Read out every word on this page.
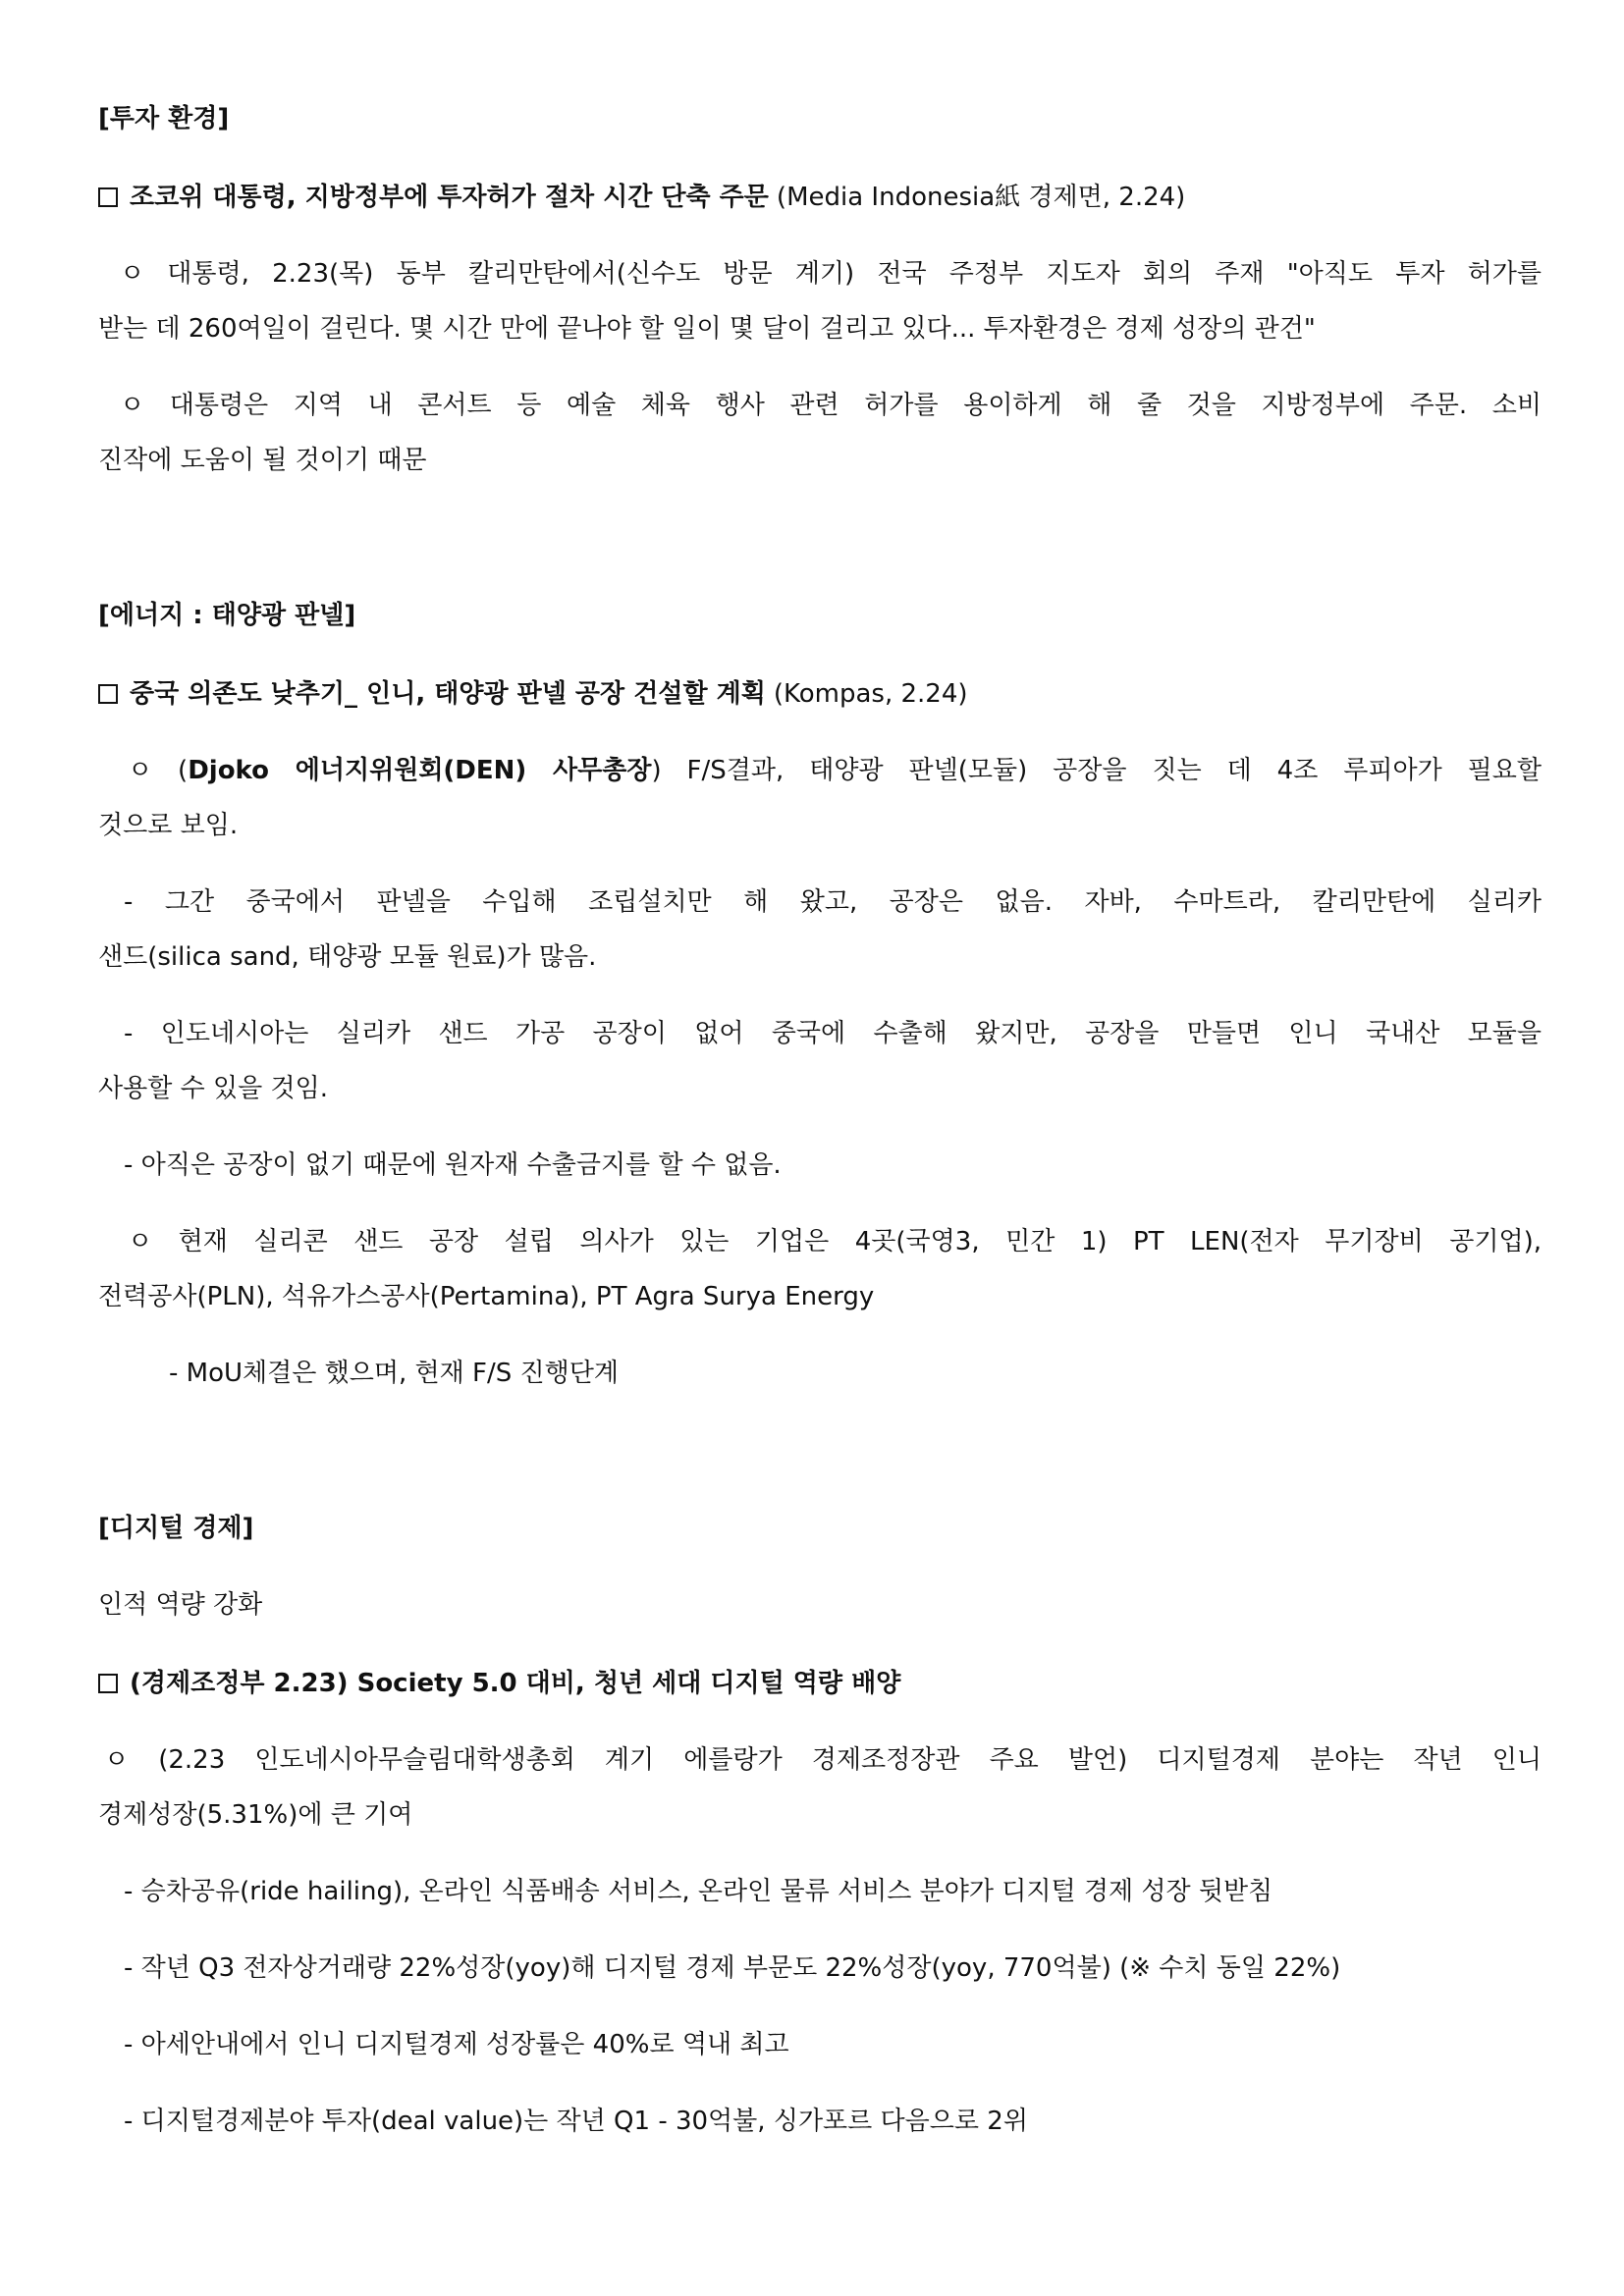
[투자 환경]
조코위 대통령, 지방정부에 투자허가 절차 시간 단축 주문 (Media Indonesia紙 경제면, 2.24)
ㅇ 대통령, 2.23(목) 동부 칼리만탄에서(신수도 방문 계기) 전국 주정부 지도자 회의 주재 "아직도 투자 허가를
받는 데 260여일이 걸린다. 몇 시간 만에 끝나야 할 일이 몇 달이 걸리고 있다... 투자환경은 경제 성장의 관건"
ㅇ 대통령은 지역 내 콘서트 등 예술 체육 행사 관련 허가를 용이하게 해 줄 것을 지방정부에 주문. 소비
진작에 도움이 될 것이기 때문
[에너지 : 태양광 판넬]
중국 의존도 낮추기_ 인니, 태양광 판넬 공장 건설할 계획 (Kompas, 2.24)
ㅇ (Djoko 에너지위원회(DEN) 사무총장) F/S결과, 태양광 판넬(모듈) 공장을 짓는 데 4조 루피아가 필요할
것으로 보임.
- 그간 중국에서 판넬을 수입해 조립설치만 해 왔고, 공장은 없음. 자바, 수마트라, 칼리만탄에 실리카
샌드(silica sand, 태양광 모듈 원료)가 많음.
- 인도네시아는 실리카 샌드 가공 공장이 없어 중국에 수출해 왔지만, 공장을 만들면 인니 국내산 모듈을
사용할 수 있을 것임.
- 아직은 공장이 없기 때문에 원자재 수출금지를 할 수 없음.
ㅇ 현재 실리콘 샌드 공장 설립 의사가 있는 기업은 4곳(국영3, 민간 1) PT LEN(전자 무기장비 공기업),
전력공사(PLN), 석유가스공사(Pertamina), PT Agra Surya Energy
- MoU체결은 했으며, 현재 F/S 진행단계
[디지털 경제]
인적 역량 강화
(경제조정부 2.23) Society 5.0 대비, 청년 세대 디지털 역량 배양
ㅇ (2.23 인도네시아무슬림대학생총회 계기 에를랑가 경제조정장관 주요 발언) 디지털경제 분야는 작년 인니
경제성장(5.31%)에 큰 기여
- 승차공유(ride hailing), 온라인 식품배송 서비스, 온라인 물류 서비스 분야가 디지털 경제 성장 뒷받침
- 작년 Q3 전자상거래량 22%성장(yoy)해 디지털 경제 부문도 22%성장(yoy, 770억불) (※ 수치 동일 22%)
- 아세안내에서 인니 디지털경제 성장률은 40%로 역내 최고
- 디지털경제분야 투자(deal value)는 작년 Q1 - 30억불, 싱가포르 다음으로 2위
